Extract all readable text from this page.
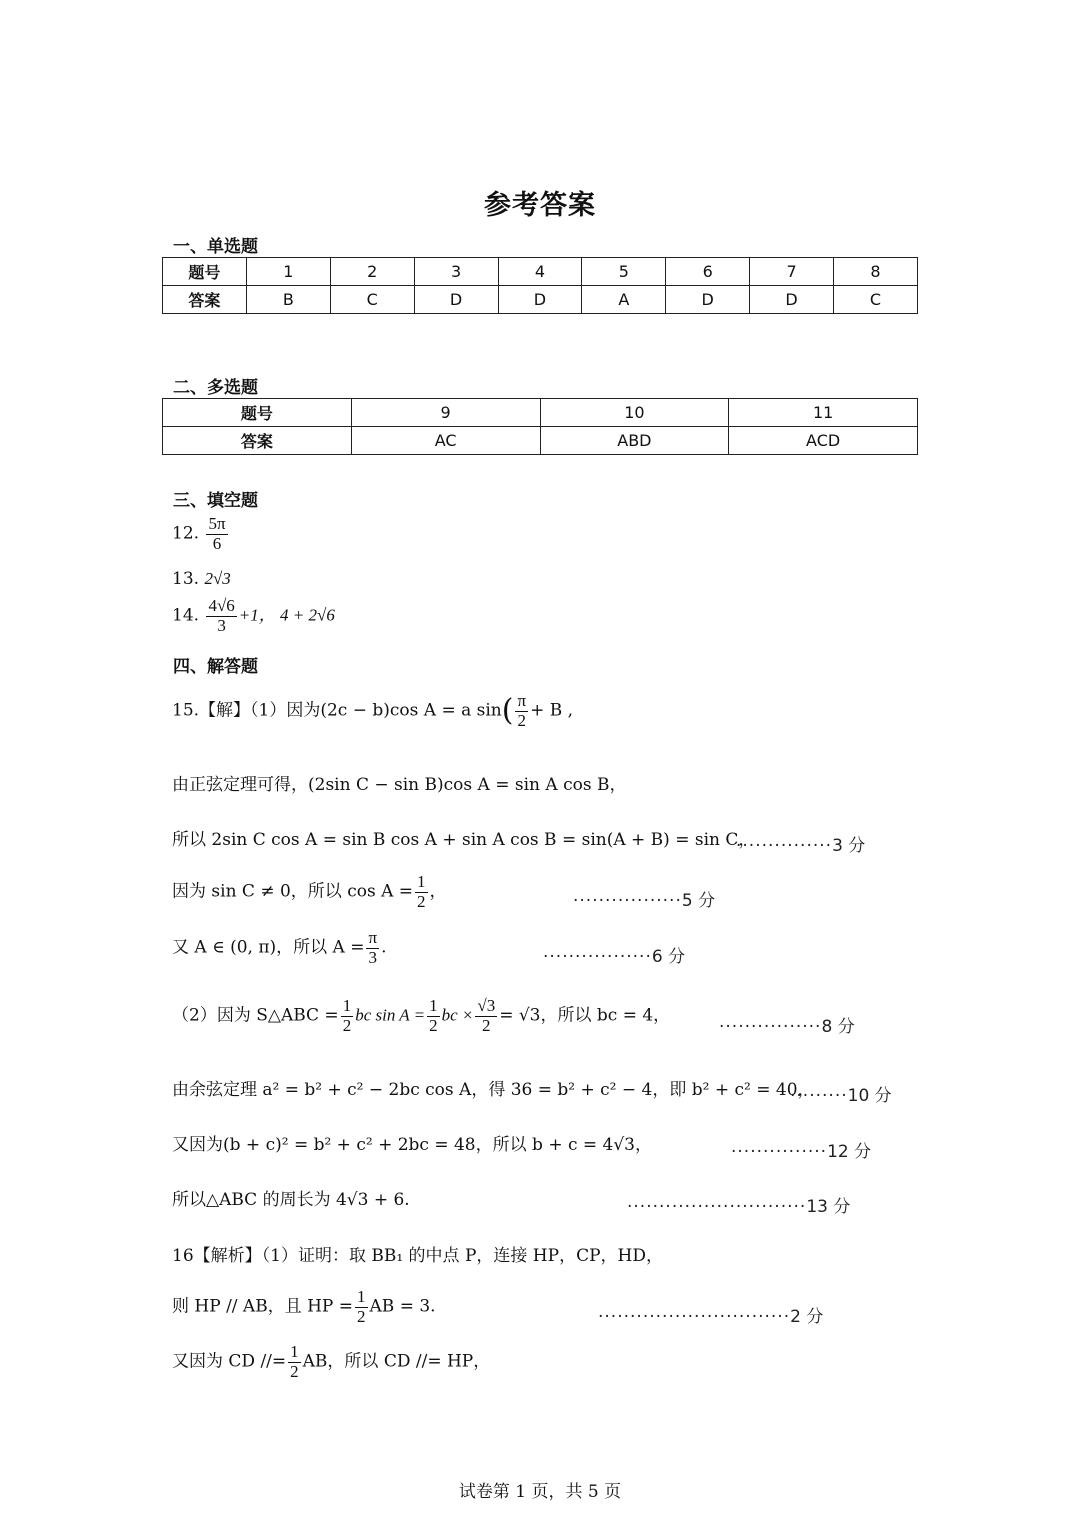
参考答案
一、单选题
题号	1	2	3	4	5	6	7	8
答案	B	C	D	D	A	D	D	C
二、多选题
题号	9	10	11
答案	AC	ABD	ACD
三、填空题
12. $\frac{5\pi}{6}$
13. 2√3
14. $\frac{4√6}{3} +1$， 4 + 2√6
四、解答题
15.【解】（1）因为(2c − b)cos A = a $\sin( \frac{\pi}{2} + B$ ,
由正弦定理可得，(2sin C − sin B)cos A = sin A cos B，
所以 2sin C cos A = sin B cos A + sin A cos B = sin(A + B) = sin C，
···············3 分
因为 sin C ≠ 0，所以 $\cos A = \frac{1}{2}$ ，	·················5 分
又 A ∈ (0, π)，所以 $A = \frac{\pi}{3}$ .	·················6 分
（2）因为 S△ABC = $\frac{1}{2}$ bc $\sin A = \frac{1}{2}$ bc × $\frac{√3}{2} = √3$，所以 bc = 4，
················8 分
由余弦定理 a² = b² + c² − 2bc cos A，得 36 = b² + c² − 4，即 b² + c² = 40，
·········10 分
又因为(b + c)² = b² + c² + 2bc = 48，所以 b + c = 4√3，	···············12 分
所以△ABC 的周长为 4√3 + 6.	····························13 分
16【解析】（1）证明：取 BB₁ 的中点 P，连接 HP，CP，HD，
则 HP // AB，且 HP = $\frac{1}{2}$ AB = 3.
······························2 分
又因为 CD //= $\frac{1}{2}$ AB，所以 CD //= HP，
试卷第 1 页，共 5 页
